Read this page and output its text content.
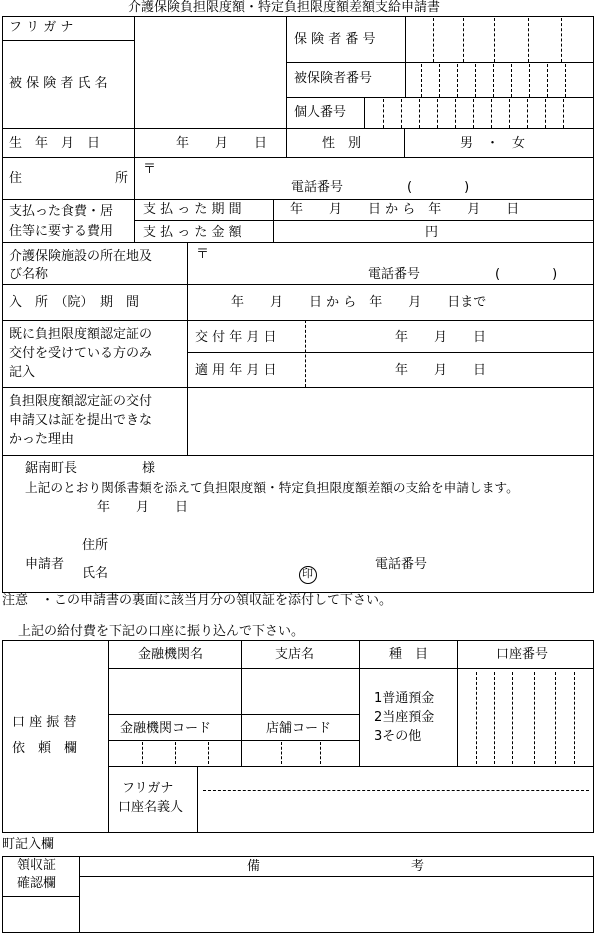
介護保険負担限度額・特定負担限度額差額支給申請書
フ リ ガ ナ
被 保 険 者 氏 名
保 険 者 番 号
被保険者番号
個人番号
生　年　月　日	年　　月　　日	性　別	男　・　女
住	所
〒
電話番号	(　　　　)
支払った食費・居
住等に要する費用
支 払 っ た 期 間	年　　月　　日 か ら　年　　月　　日
支 払 っ た 金 額	円
介護保険施設の所在地及
び名称
〒
電話番号	(　　　　)
入　所　（院）　期　間	年　　月　　日 か ら　年　　月　　日まで
既に負担限度額認定証の
交付を受けている方のみ
記入
交 付 年 月 日	年　　月　　日
適 用 年 月 日	年　　月　　日
負担限度額認定証の交付
申請又は証を提出できな
かった理由
鋸南町長	様
上記のとおり関係書類を添えて負担限度額・特定負担限度額差額の支給を申請します。
年　　月　　日
申請者
住所
氏名	印
電話番号
注意　・この申請書の裏面に該当月分の領収証を添付して下さい。
上記の給付費を下記の口座に振り込んで下さい。
口 座 振 替
依　頼　欄
金融機関名	支店名	種　目	口座番号
金融機関コード	店舗コード
1普通預金
2当座預金
3その他
フリガナ
口座名義人
町記入欄
領収証
確認欄
備	考
